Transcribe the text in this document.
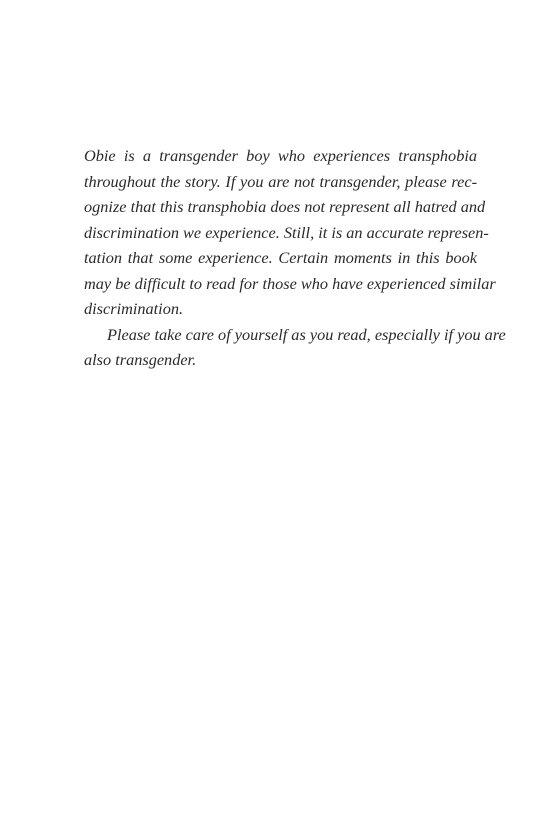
Obie is a transgender boy who experiences transphobia
throughout the story. If you are not transgender, please rec-
ognize that this transphobia does not represent all hatred and
discrimination we experience. Still, it is an accurate represen-
tation that some experience. Certain moments in this book
may be difficult to read for those who have experienced similar
discrimination.
Please take care of yourself as you read, especially if you are
also transgender.
